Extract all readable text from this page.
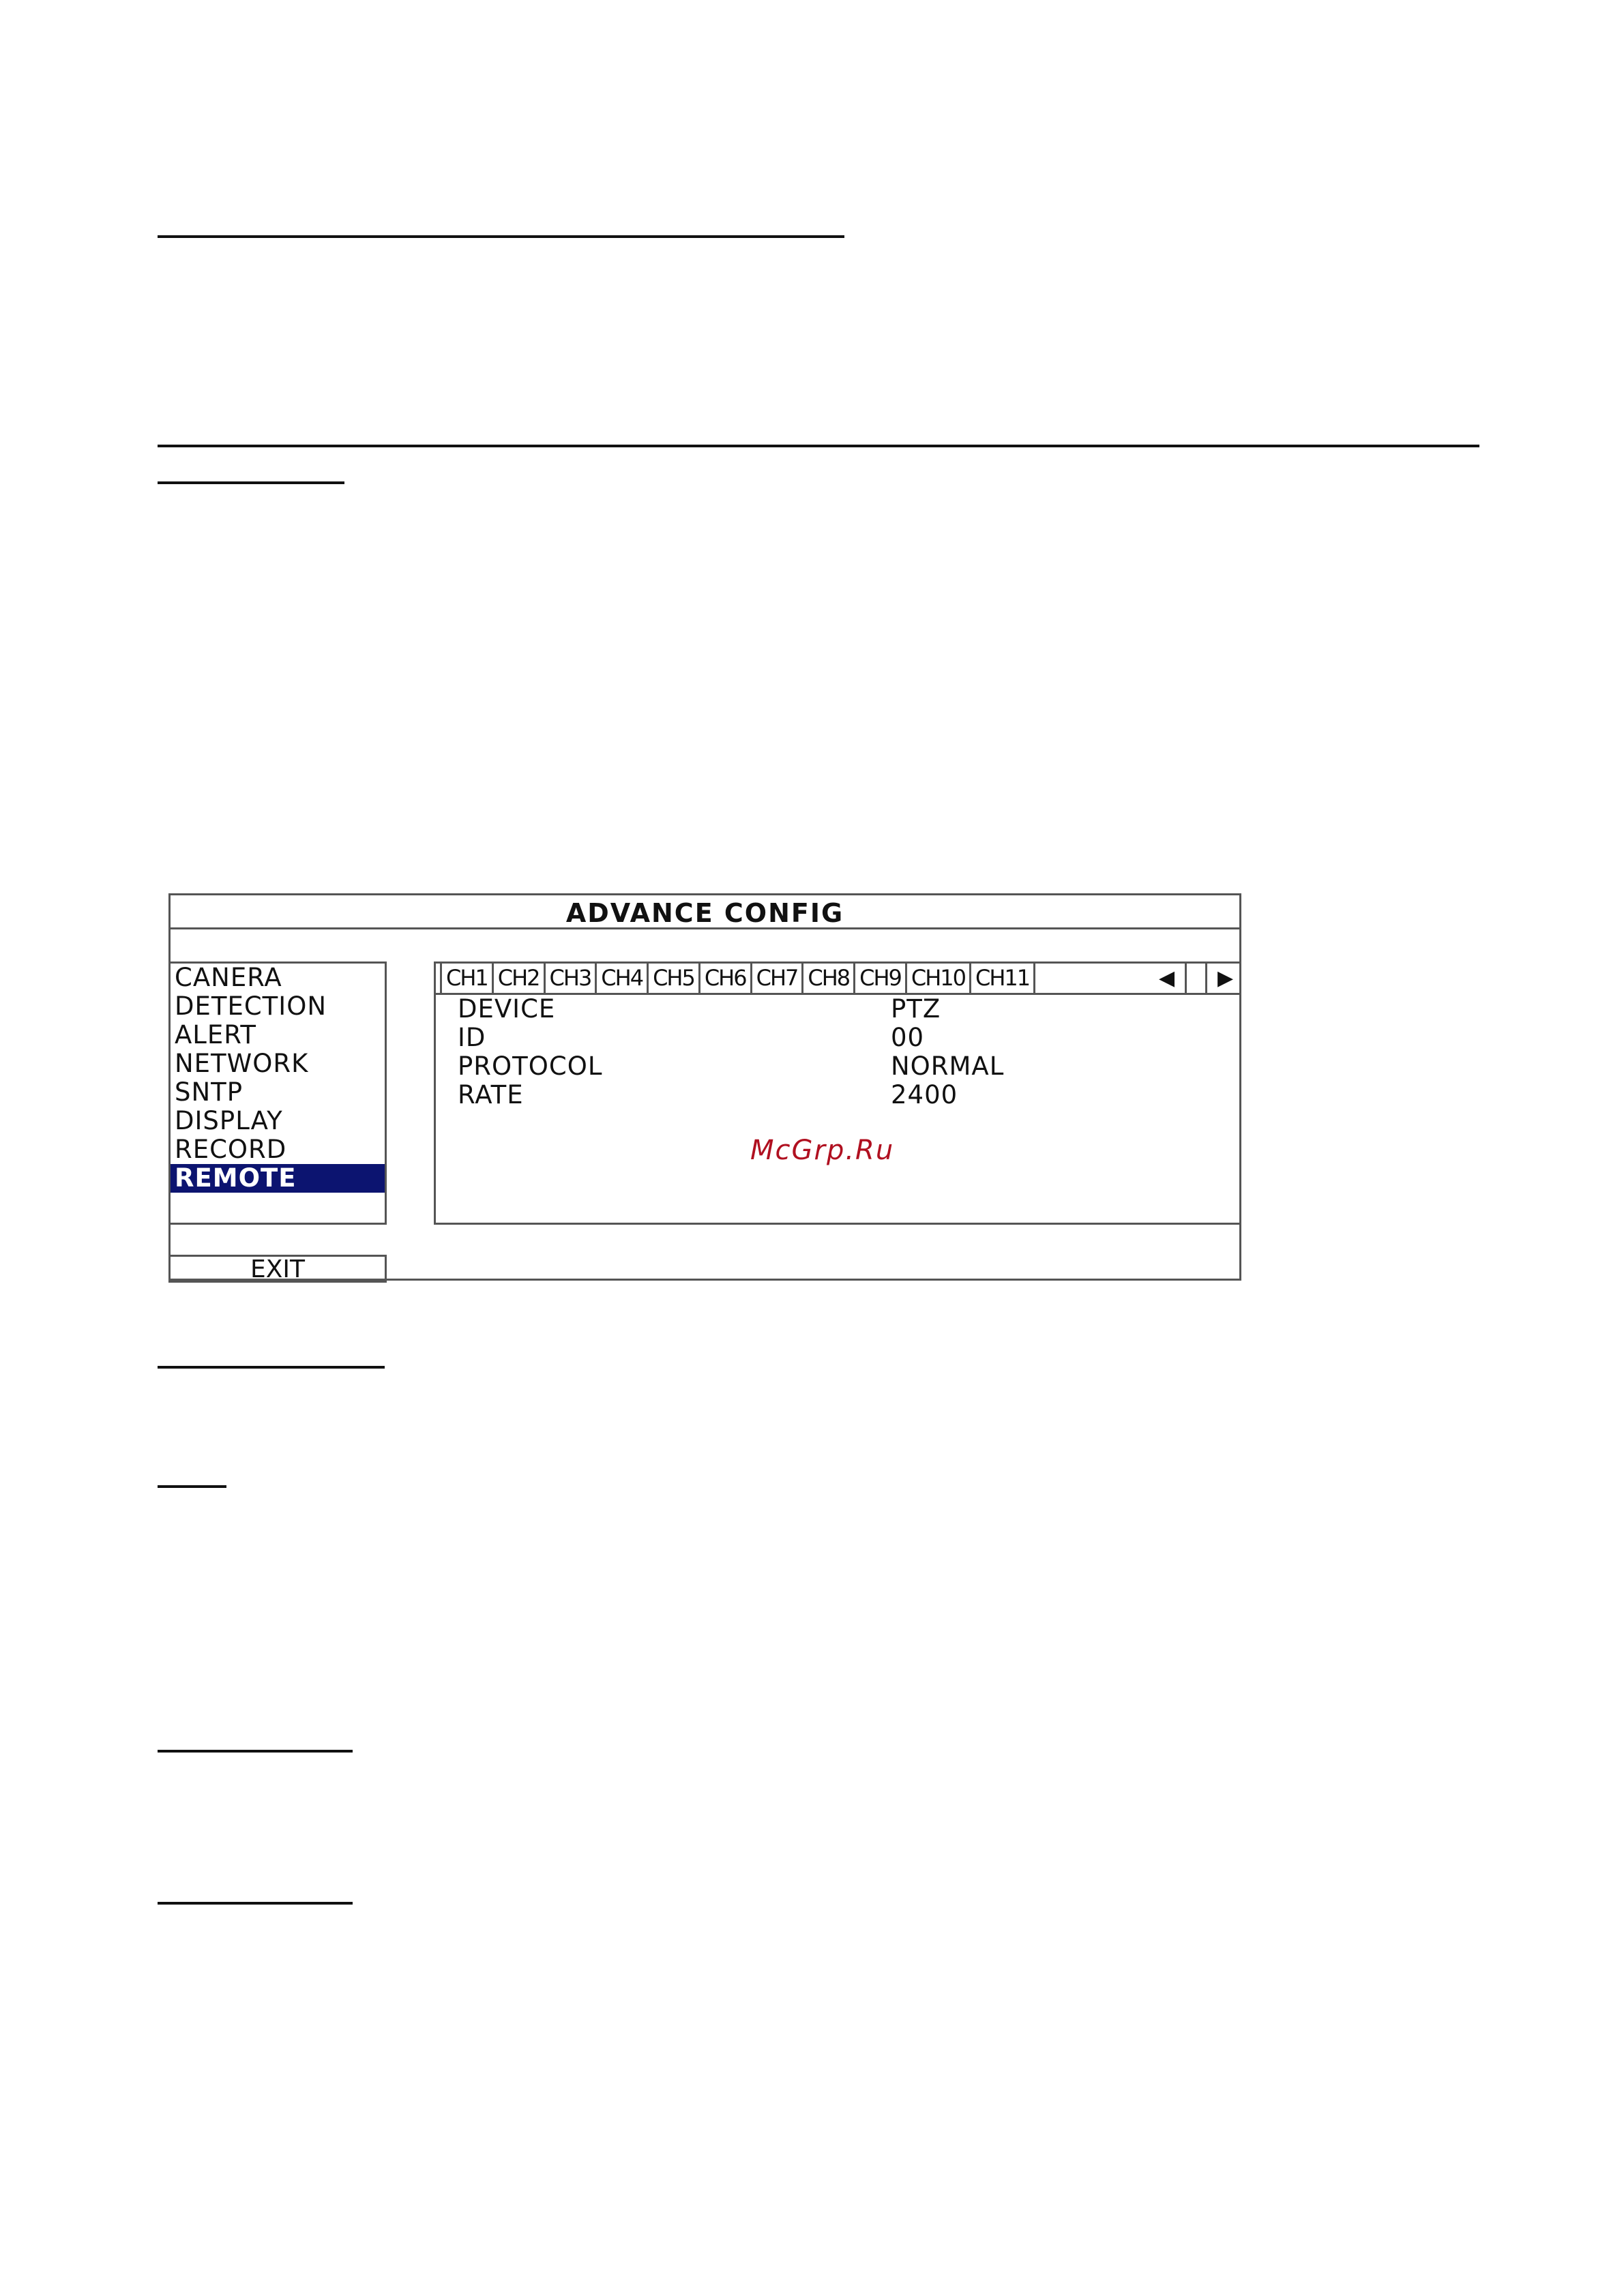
ADVANCE CONFIG
CANERA
DETECTION
ALERT
NETWORK
SNTP
DISPLAY
RECORD
REMOTE
EXIT
CH1 CH2 CH3 CH4 CH5 CH6 CH7 CH8 CH9 CH10 CH11	◀	▶
DEVICE	PTZ
ID	00
PROTOCOL	NORMAL
RATE	2400
McGrp.Ru
